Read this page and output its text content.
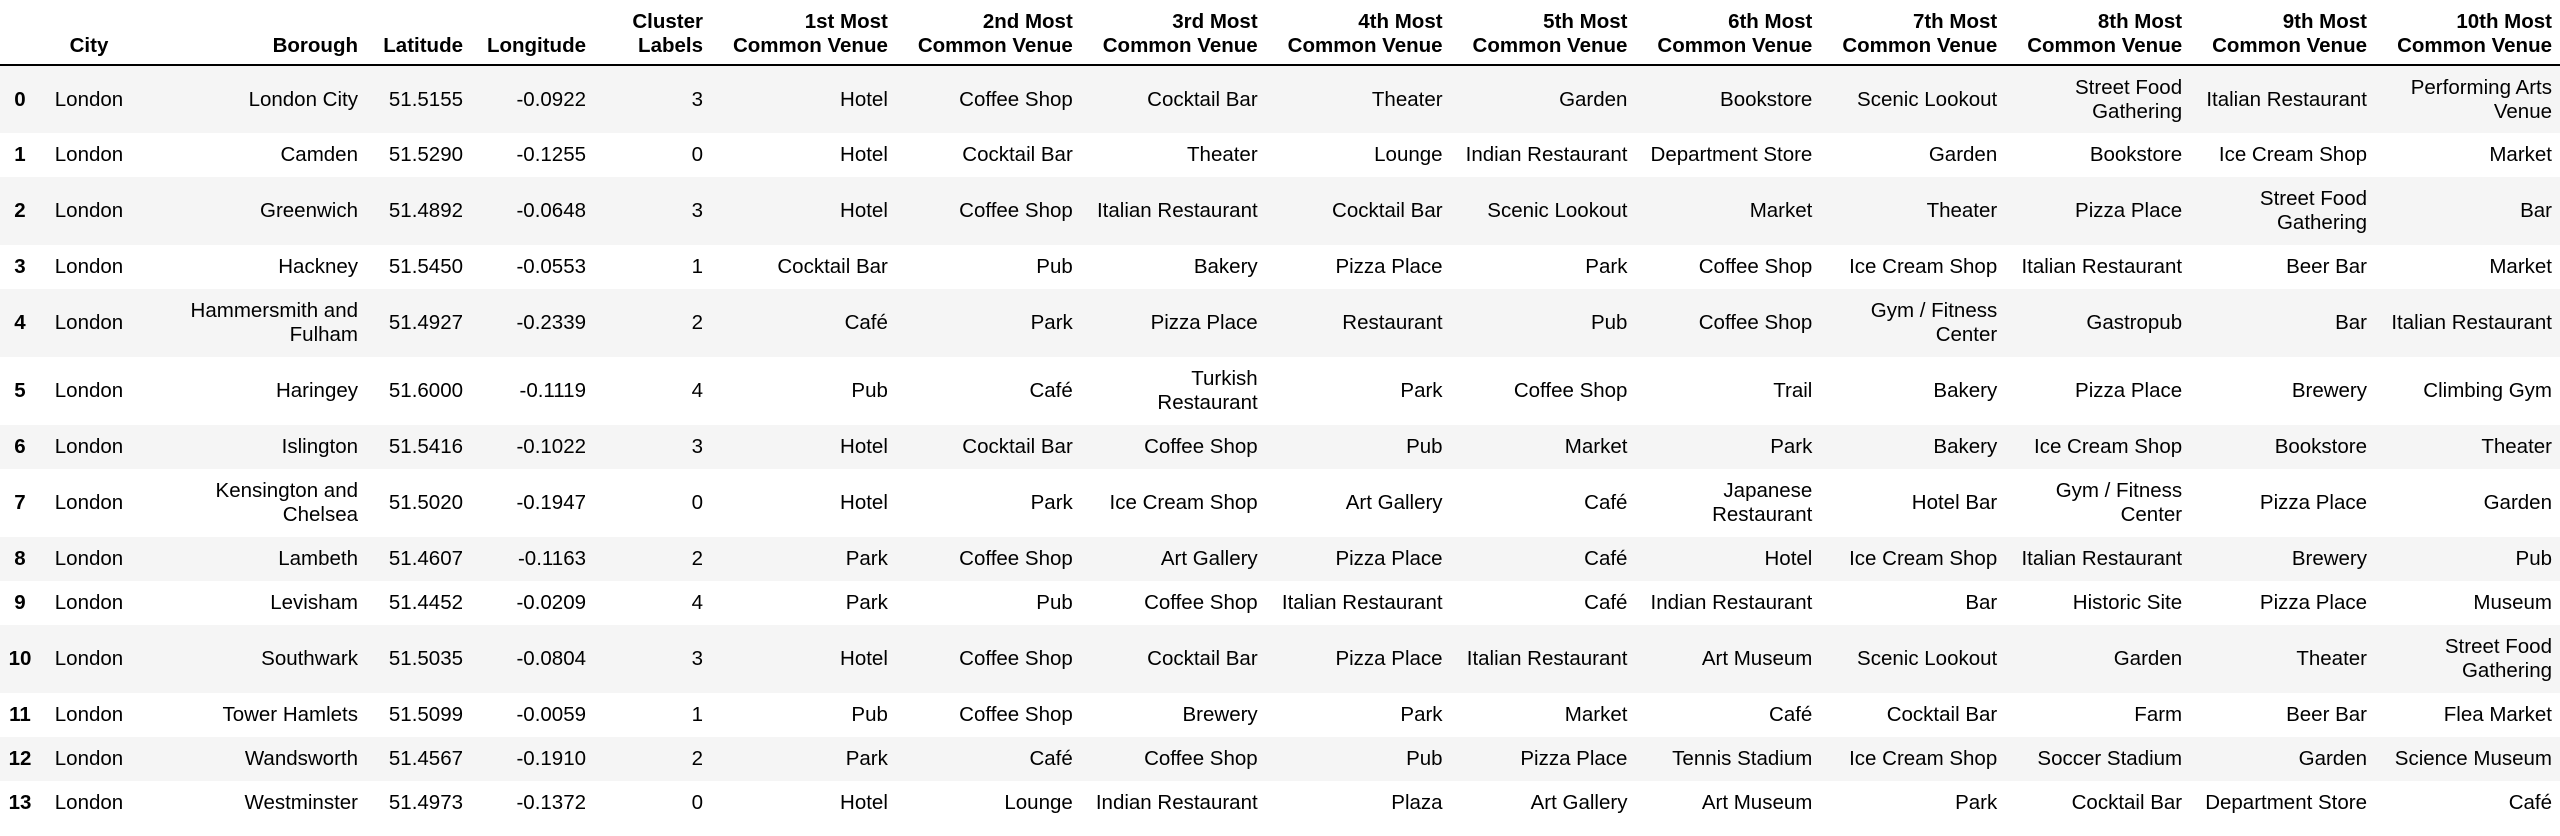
	City	Borough	Latitude	Longitude	Cluster Labels	1st Most Common Venue	2nd Most Common Venue	3rd Most Common Venue	4th Most Common Venue	5th Most Common Venue	6th Most Common Venue	7th Most Common Venue	8th Most Common Venue	9th Most Common Venue	10th Most Common Venue
0	London	London City	51.5155	-0.0922	3	Hotel	Coffee Shop	Cocktail Bar	Theater	Garden	Bookstore	Scenic Lookout	Street Food Gathering	Italian Restaurant	Performing Arts Venue
1	London	Camden	51.5290	-0.1255	0	Hotel	Cocktail Bar	Theater	Lounge	Indian Restaurant	Department Store	Garden	Bookstore	Ice Cream Shop	Market
2	London	Greenwich	51.4892	-0.0648	3	Hotel	Coffee Shop	Italian Restaurant	Cocktail Bar	Scenic Lookout	Market	Theater	Pizza Place	Street Food Gathering	Bar
3	London	Hackney	51.5450	-0.0553	1	Cocktail Bar	Pub	Bakery	Pizza Place	Park	Coffee Shop	Ice Cream Shop	Italian Restaurant	Beer Bar	Market
4	London	Hammersmith and Fulham	51.4927	-0.2339	2	Café	Park	Pizza Place	Restaurant	Pub	Coffee Shop	Gym / Fitness Center	Gastropub	Bar	Italian Restaurant
5	London	Haringey	51.6000	-0.1119	4	Pub	Café	Turkish Restaurant	Park	Coffee Shop	Trail	Bakery	Pizza Place	Brewery	Climbing Gym
6	London	Islington	51.5416	-0.1022	3	Hotel	Cocktail Bar	Coffee Shop	Pub	Market	Park	Bakery	Ice Cream Shop	Bookstore	Theater
7	London	Kensington and Chelsea	51.5020	-0.1947	0	Hotel	Park	Ice Cream Shop	Art Gallery	Café	Japanese Restaurant	Hotel Bar	Gym / Fitness Center	Pizza Place	Garden
8	London	Lambeth	51.4607	-0.1163	2	Park	Coffee Shop	Art Gallery	Pizza Place	Café	Hotel	Ice Cream Shop	Italian Restaurant	Brewery	Pub
9	London	Levisham	51.4452	-0.0209	4	Park	Pub	Coffee Shop	Italian Restaurant	Café	Indian Restaurant	Bar	Historic Site	Pizza Place	Museum
10	London	Southwark	51.5035	-0.0804	3	Hotel	Coffee Shop	Cocktail Bar	Pizza Place	Italian Restaurant	Art Museum	Scenic Lookout	Garden	Theater	Street Food Gathering
11	London	Tower Hamlets	51.5099	-0.0059	1	Pub	Coffee Shop	Brewery	Park	Market	Café	Cocktail Bar	Farm	Beer Bar	Flea Market
12	London	Wandsworth	51.4567	-0.1910	2	Park	Café	Coffee Shop	Pub	Pizza Place	Tennis Stadium	Ice Cream Shop	Soccer Stadium	Garden	Science Museum
13	London	Westminster	51.4973	-0.1372	0	Hotel	Lounge	Indian Restaurant	Plaza	Art Gallery	Art Museum	Park	Cocktail Bar	Department Store	Café
